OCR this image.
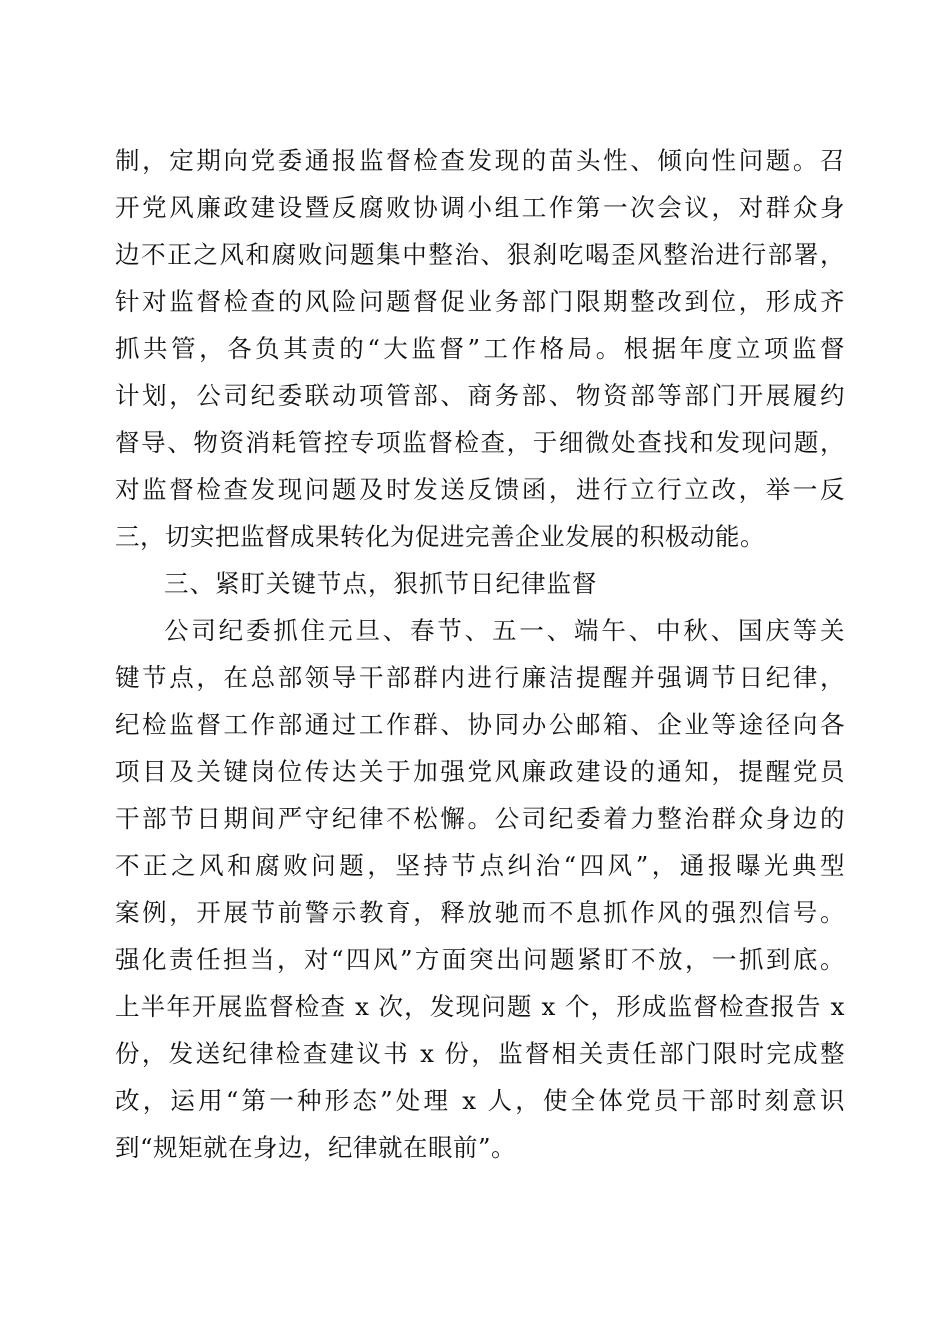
制，定期向党委通报监督检查发现的苗头性、倾向性问题。召
开党风廉政建设暨反腐败协调小组工作第一次会议，对群众身
边不正之风和腐败问题集中整治、狠刹吃喝歪风整治进行部署，
针对监督检查的风险问题督促业务部门限期整改到位，形成齐
抓共管，各负其责的“大监督”工作格局。根据年度立项监督
计划，公司纪委联动项管部、商务部、物资部等部门开展履约
督导、物资消耗管控专项监督检查，于细微处查找和发现问题，
对监督检查发现问题及时发送反馈函，进行立行立改，举一反
三，切实把监督成果转化为促进完善企业发展的积极动能。
三、紧盯关键节点，狠抓节日纪律监督
公司纪委抓住元旦、春节、五一、端午、中秋、国庆等关
键节点，在总部领导干部群内进行廉洁提醒并强调节日纪律，
纪检监督工作部通过工作群、协同办公邮箱、企业等途径向各
项目及关键岗位传达关于加强党风廉政建设的通知，提醒党员
干部节日期间严守纪律不松懈。公司纪委着力整治群众身边的
不正之风和腐败问题，坚持节点纠治“四风”，通报曝光典型
案例，开展节前警示教育，释放驰而不息抓作风的强烈信号。
强化责任担当，对“四风”方面突出问题紧盯不放，一抓到底。
上半年开展监督检查 x 次，发现问题 x 个，形成监督检查报告 x
份，发送纪律检查建议书 x 份，监督相关责任部门限时完成整
改，运用“第一种形态”处理 x 人，使全体党员干部时刻意识
到“规矩就在身边，纪律就在眼前”。
